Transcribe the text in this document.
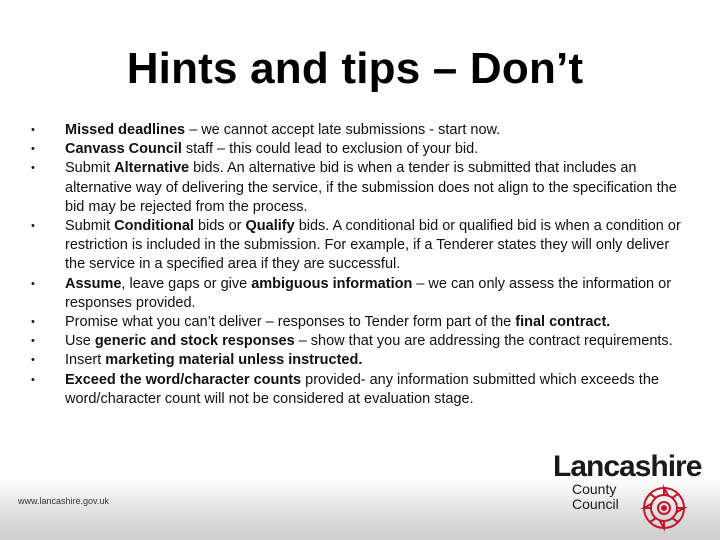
Hints and tips – Don’t
• Missed deadlines – we cannot accept late submissions - start now.
• Canvass Council staff – this could lead to exclusion of your bid.
• Submit Alternative bids. An alternative bid is when a tender is submitted that includes an alternative way of delivering the service, if the submission does not align to the specification the bid may be rejected from the process.
• Submit Conditional bids or Qualify bids. A conditional bid or qualified bid is when a condition or restriction is included in the submission. For example, if a Tenderer states they will only deliver the service in a specified area if they are successful.
• Assume, leave gaps or give ambiguous information – we can only assess the information or responses provided.
• Promise what you can’t deliver – responses to Tender form part of the final contract.
• Use generic and stock responses – show that you are addressing the contract requirements.
• Insert marketing material unless instructed.
• Exceed the word/character counts provided- any information submitted which exceeds the word/character count will not be considered at evaluation stage.
www.lancashire.gov.uk
Lancashire
County
Council
